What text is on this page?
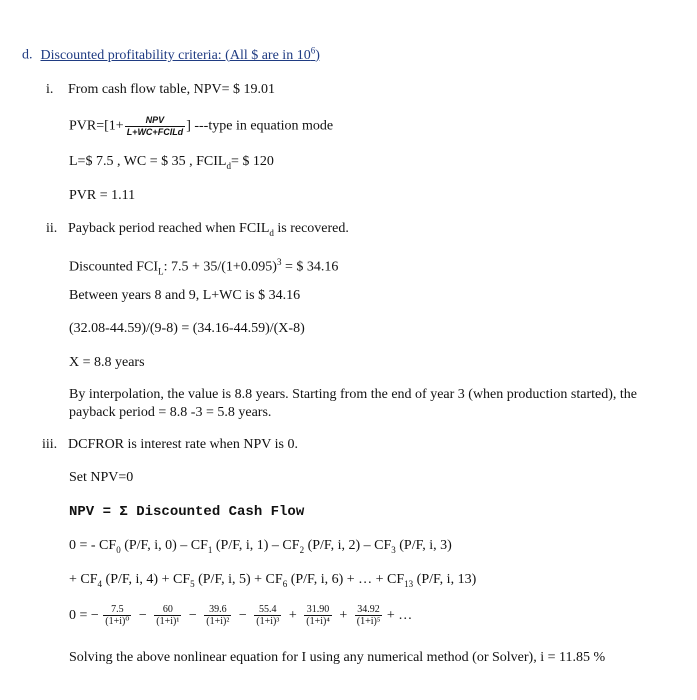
d. Discounted profitability criteria: (All $ are in $10^6$)
i. From cash flow table, NPV= $ 19.01
$PVR=[1+ \frac{\text{NPV}}{\text{L+WC+FCILd}}$ ] ---type in equation mode
L=$ 7.5 , WC = $ 35 , $FCIL_d=$ $ 120
PVR = 1.11
ii. Payback period reached when $FCIL_d$ is recovered.
Discounted $FCI_L$: $7.5 + 35/(1+0.095)^3$ = $ 34.16
Between years 8 and 9, L+WC is $ 34.16
(32.08-44.59)/(9-8) = (34.16-44.59)/(X-8)
X = 8.8 years
By interpolation, the value is 8.8 years. Starting from the end of year 3 (when production started), the payback period = 8.8 -3 = 5.8 years.
iii. DCFROR is interest rate when NPV is 0.
Set NPV=0
NPV = Σ Discounted Cash Flow
0 = - $CF_0$ (P/F, i, $0) - CF_1$ (P/F, i, $1) - CF_2$ (P/F, i, $2) - CF_3$ (P/F, i, 3)
+ $CF_4$ (P/F, i, $4) + CF_5$ (P/F, i, $5) + CF_6$ (P/F, i, 6) + … + $CF_{13}$ (P/F, i, 13)
0 = − $\frac{7.5}{\text{(1+i)⁰}} - \frac{60}{\text{(1+i)¹}} - \frac{39.6}{\text{(1+i)²}} - \frac{55.4}{\text{(1+i)³}} + \frac{31.90}{\text{(1+i)⁴}} + \frac{34.92}{\text{(1+i)⁵}}$ + …
Solving the above nonlinear equation for I using any numerical method (or Solver), i = 11.85 %
